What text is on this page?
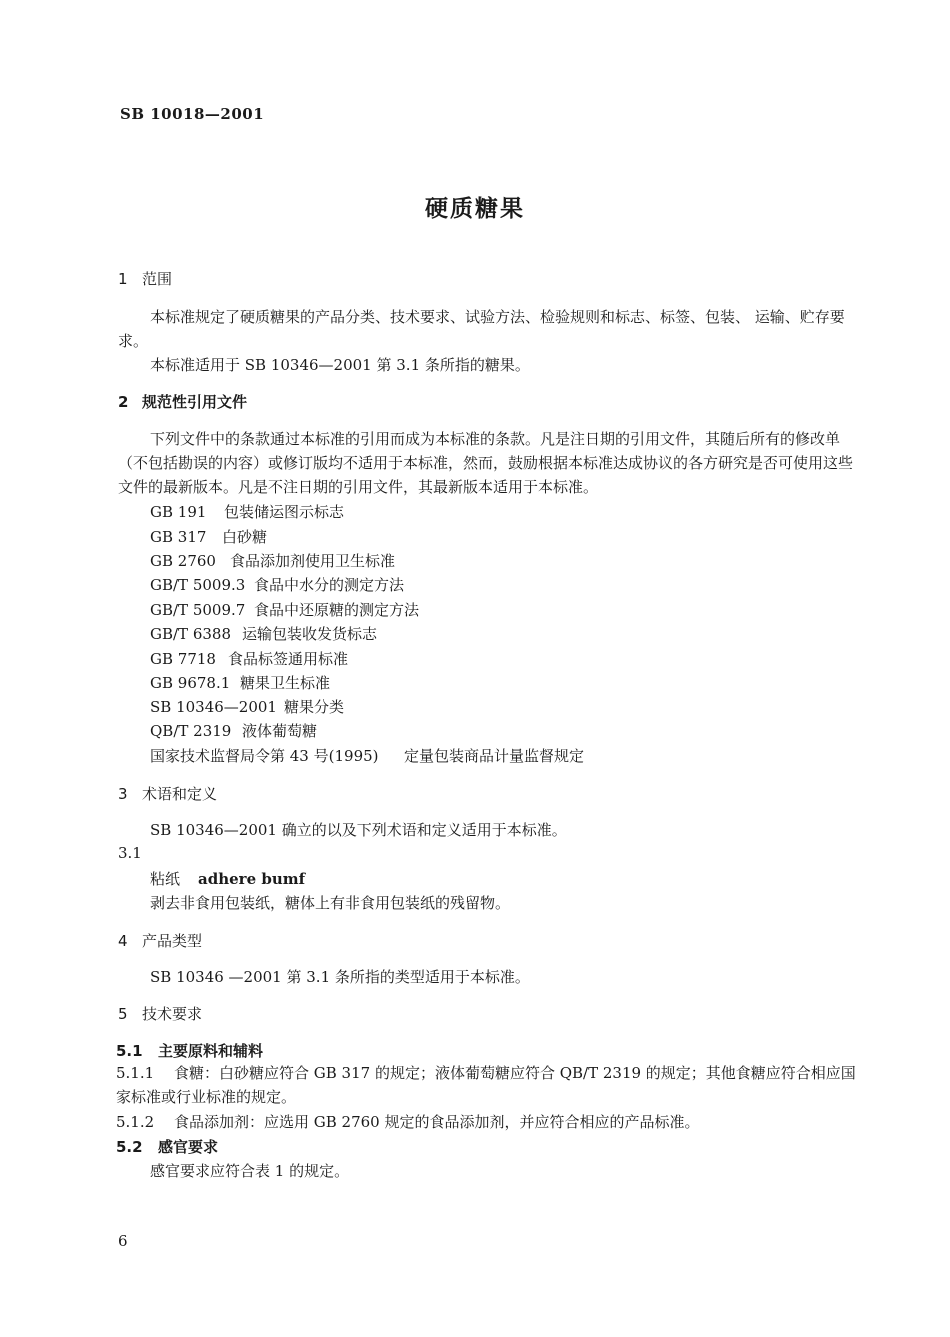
SB 10018—2001
硬质糖果
1 范围
本标准规定了硬质糖果的产品分类、技术要求、试验方法、检验规则和标志、标签、包装、 运输、贮存要求。
本标准适用于 SB 10346—2001 第 3.1 条所指的糖果。
2 规范性引用文件
下列文件中的条款通过本标准的引用而成为本标准的条款。凡是注日期的引用文件，其随后所有的修改单（不包括勘误的内容）或修订版均不适用于本标准，然而，鼓励根据本标准达成协议的各方研究是否可使用这些文件的最新版本。凡是不注日期的引用文件，其最新版本适用于本标准。
GB 191 包装储运图示标志
GB 317 白砂糖
GB 2760 食品添加剂使用卫生标准
GB/T 5009.3 食品中水分的测定方法
GB/T 5009.7 食品中还原糖的测定方法
GB/T 6388 运输包装收发货标志
GB 7718 食品标签通用标准
GB 9678.1 糖果卫生标准
SB 10346—2001 糖果分类
QB/T 2319 液体葡萄糖
国家技术监督局令第 43 号(1995) 定量包装商品计量监督规定
3 术语和定义
SB 10346—2001 确立的以及下列术语和定义适用于本标准。
3.1
粘纸 adhere bumf
剥去非食用包装纸，糖体上有非食用包装纸的残留物。
4 产品类型
SB 10346 —2001 第 3.1 条所指的类型适用于本标准。
5 技术要求
5.1 主要原料和辅料
5.1.1 食糖：白砂糖应符合 GB 317 的规定；液体葡萄糖应符合 QB/T 2319 的规定；其他食糖应符合相应国家标准或行业标准的规定。
5.1.2 食品添加剂：应选用 GB 2760 规定的食品添加剂，并应符合相应的产品标准。
5.2 感官要求
感官要求应符合表 1 的规定。
6
